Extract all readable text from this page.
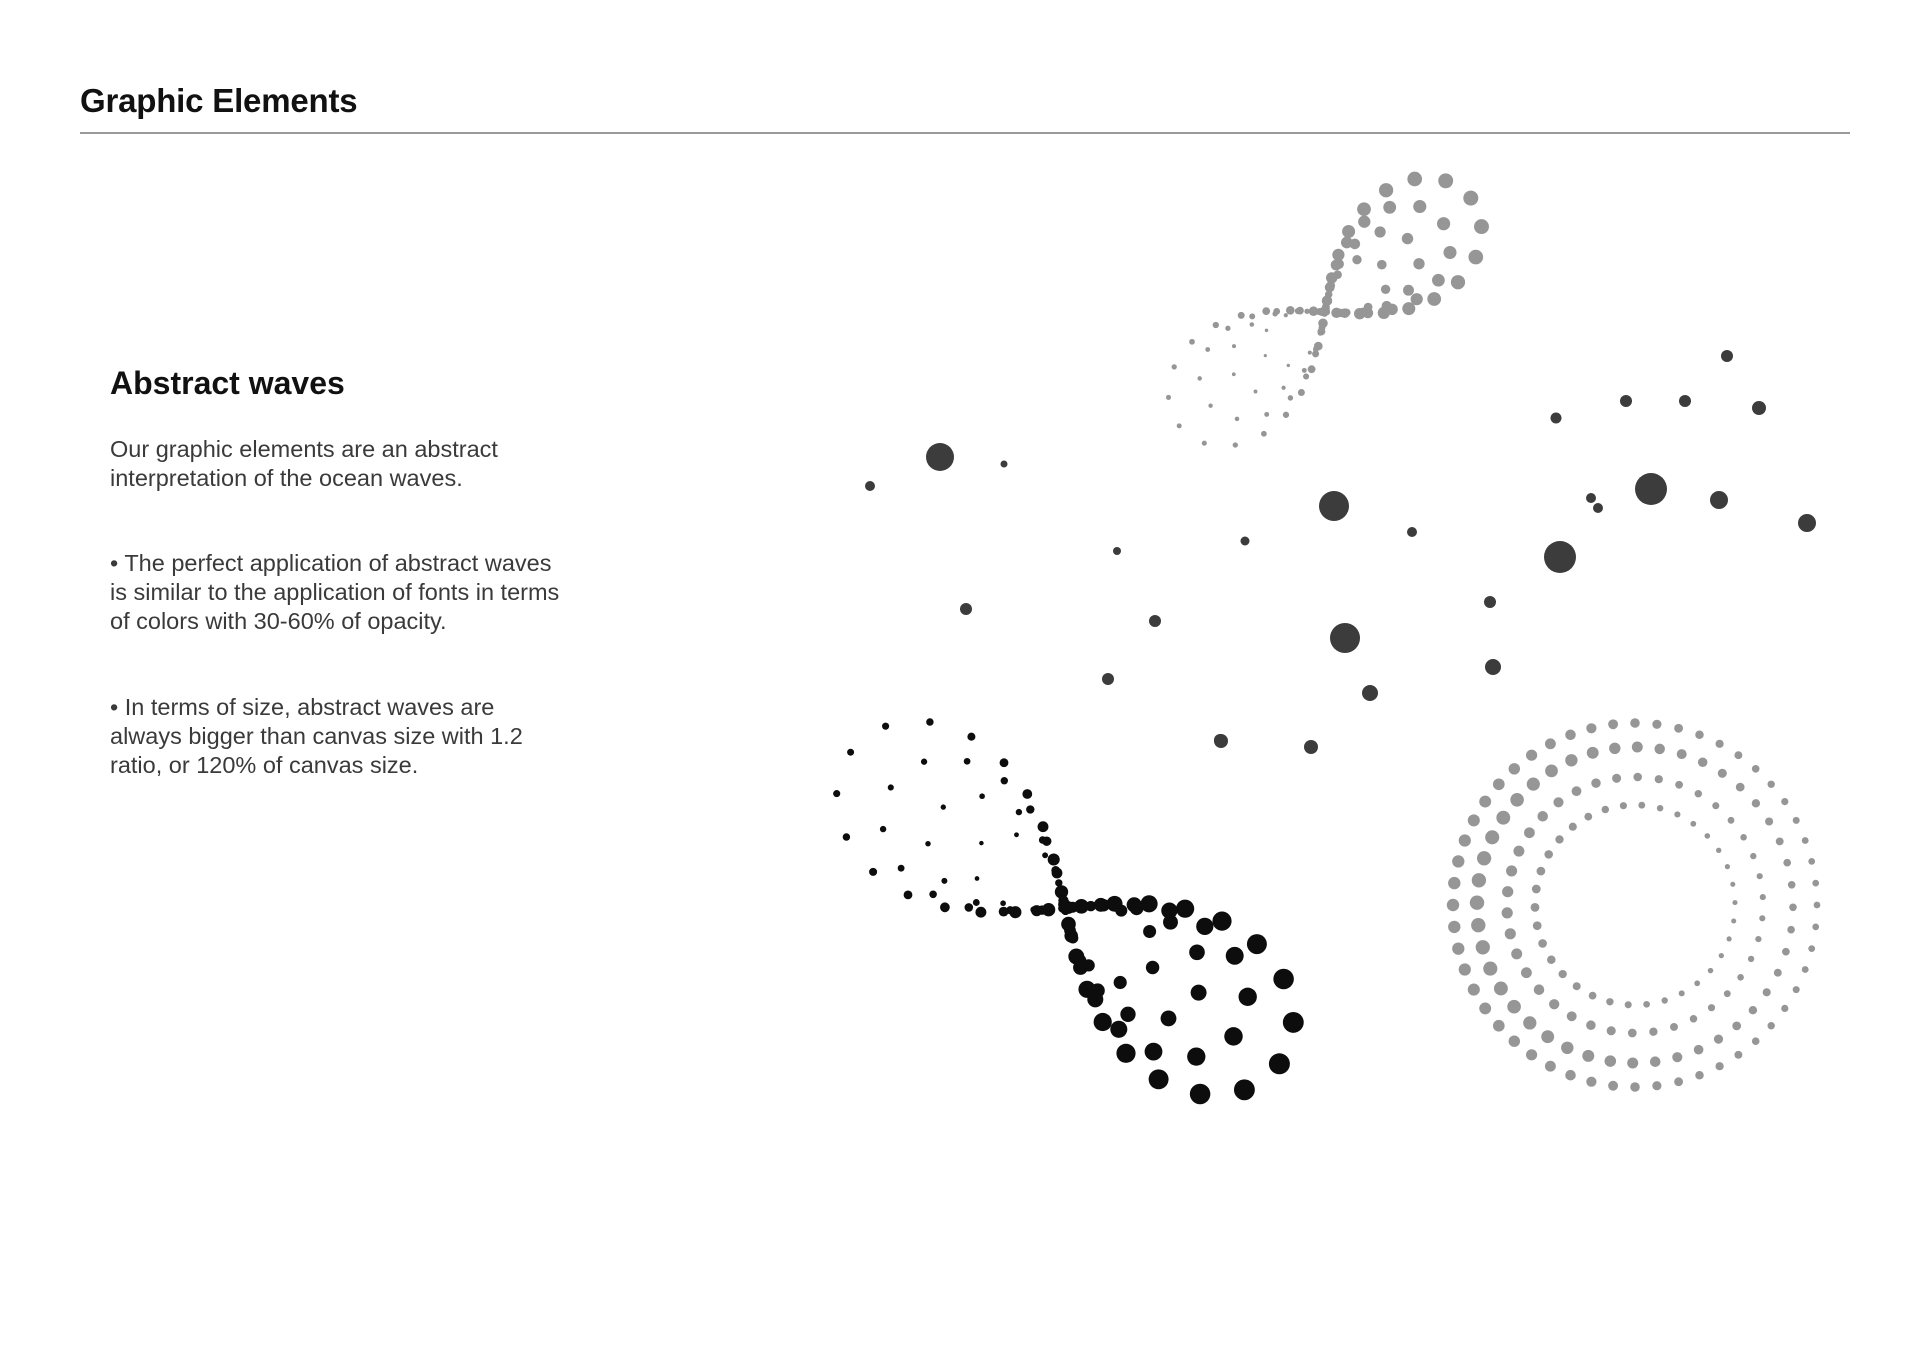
Graphic Elements
Abstract waves

Our graphic elements are an abstract interpretation of the ocean waves.

• The perfect application of abstract waves is similar to the application of fonts in terms of colors with 30-60% of opacity.

• In terms of size, abstract waves are always bigger than canvas size with 1.2 ratio, or 120% of canvas size.
